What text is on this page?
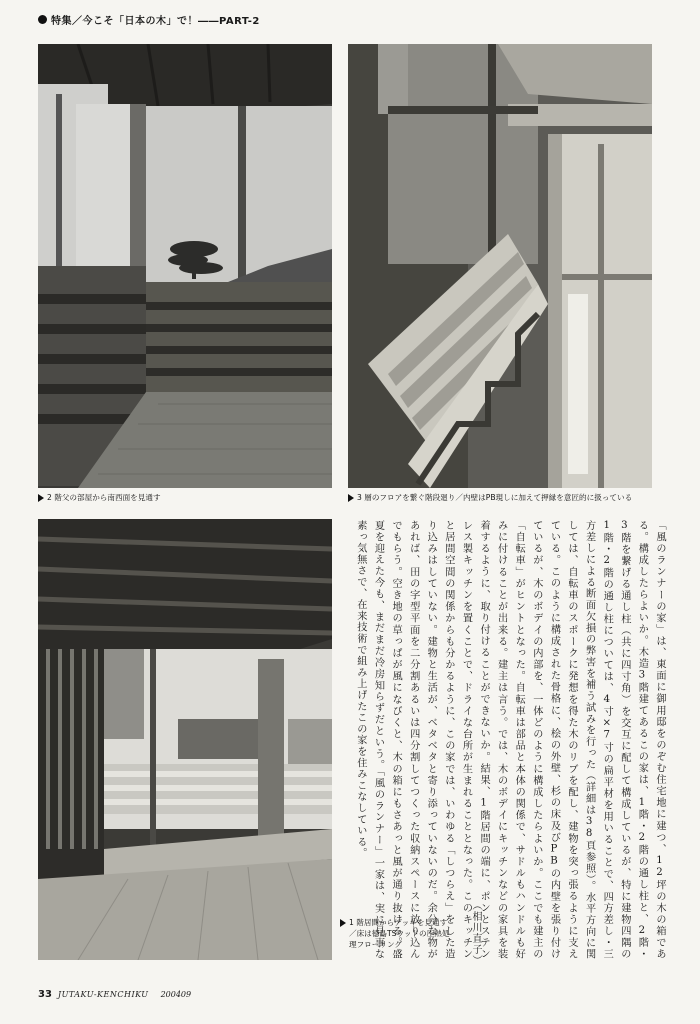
特集／今こそ「日本の木」で！――PART-2
2 階父の部屋から南西面を見通す	3 層のフロアを繋ぐ階段廻り／内壁はPB現しに加えて押縁を意匠的に扱っている
1 階居間からデッキを見通す／床は徳島TSウッドの圧熱処理フローリング	「風のランナーの家」は、東面に御用邸をのぞむ住宅地に建つ、12坪の木の箱である。構成したらよいか。木造3階建てあるこの家は、1階・2階の通し柱と、2階・3階を繋げる通し柱（共に四寸角）を交互に配して構成しているが、特に建物四隅の1階・2階の通し柱については、4寸×7寸の扁平材を用いることで、四方差し・三方差しによる断面欠損の弊害を補う試みを行った（詳細は38頁参照）。水平方向に関しては、自転車のスポークに発想を得た木のリブを配し、建物を突っ張るように支えている。このように構成された骨格に、桧の外壁、杉の床及びPBの内壁を張り付けているが、木のボデイの内部を、一体どのように構成したらよいか。ここでも建主の「自転車」がヒントとなった。自転車は部品と本体の関係で、サドルもハンドルも好みに付けることが出来る。建主は言う。では、木のボデイにキッチンなどの家具を装着するように、取り付けることができないか。結果、1階居間の端に、ポンとステンレス製キッチンを置くことで、ドライな台所が生まれることとなった。このキッチンと居間空間の関係からも分かるように、この家では、いわゆる「しつらえ」をした造り込みはしていない。建物と生活が、ベタベタと寄り添っていないのだ。余分な物があれば、田の字型平面を二分割あるいは四分割してつくった収納スペースに放り込んでもらう。空き地の草っぱが風になびくと、木の箱にもさあっと風が通り抜ける。盛夏を迎えた今も、まだまだ冷房知らずだという。「風のランナー」一家は、実に見事な素っ気無さで、在来技術で組み上げたこの家を住みこなしている。

（相川直子）
33 JUTAKU-KENCHIKU 200409
